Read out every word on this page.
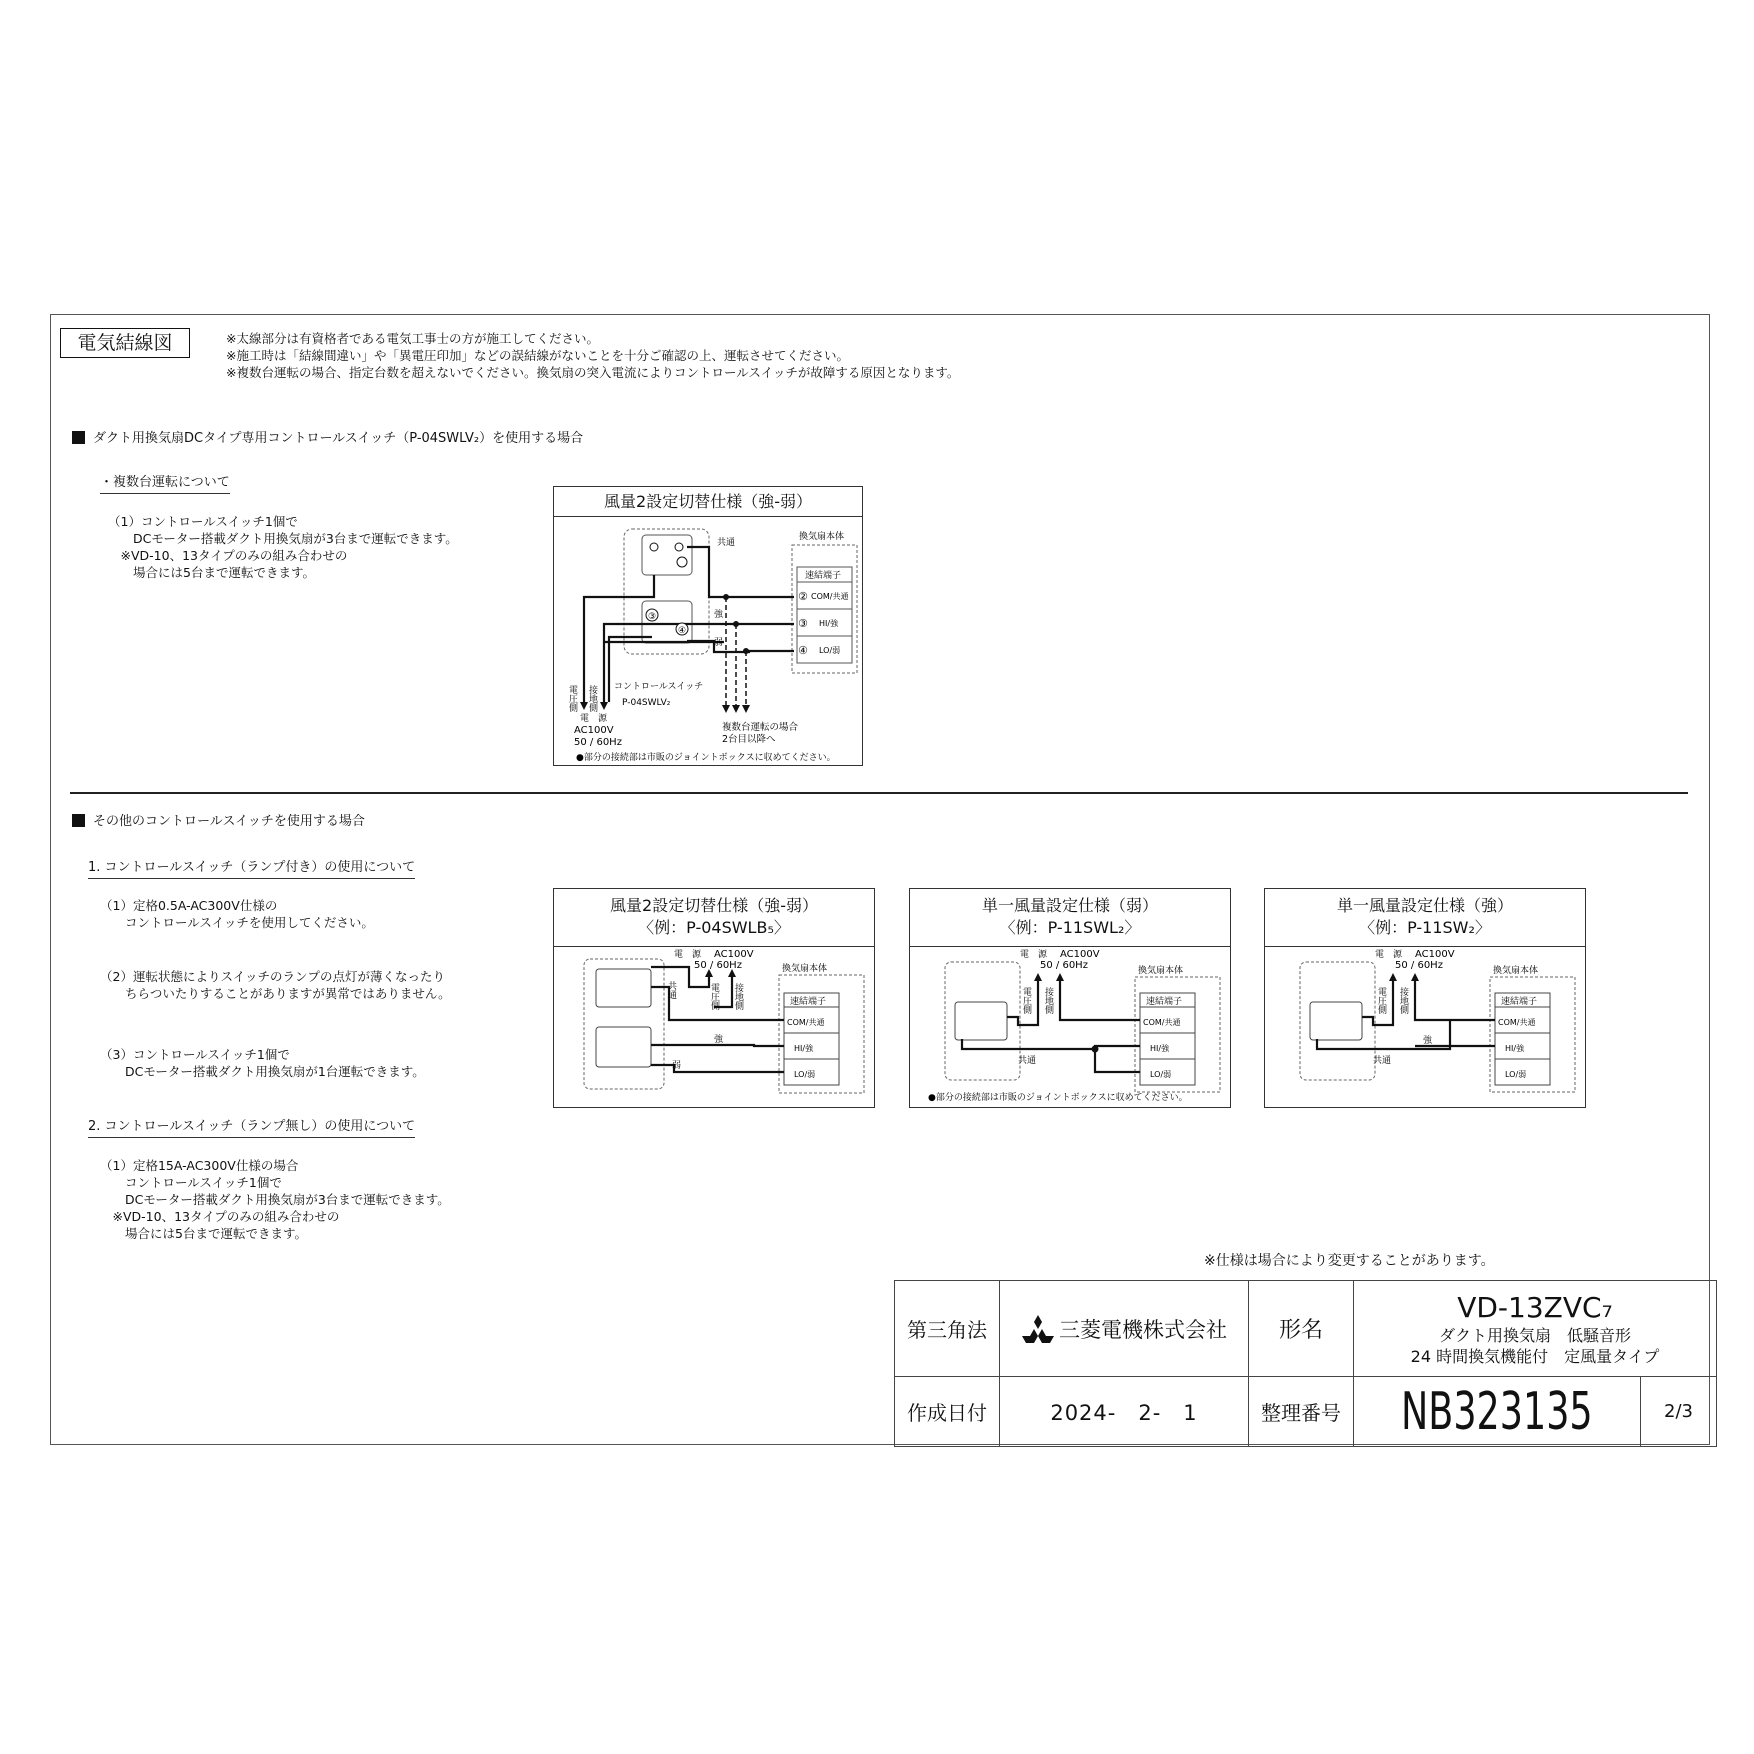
電気結線図	※太線部分は有資格者である電気工事士の方が施工してください。
※施工時は「結線間違い」や「異電圧印加」などの誤結線がないことを十分ご確認の上、運転させてください。
※複数台運転の場合、指定台数を超えないでください。換気扇の突入電流によりコントロールスイッチが故障する原因となります。
ダクト用換気扇DCタイプ専用コントロールスイッチ（P-04SWLV₂）を使用する場合
・複数台運転について
（1）コントロールスイッチ1個で
　　DCモーター搭載ダクト用換気扇が3台まで運転できます。
　※VD-10、13タイプのみの組み合わせの
　　場合には5台まで運転できます。
風量2設定切替仕様（強-弱）
換気扇本体
速結端子
② COM/共通
③ HI/強
④ LO/弱
③
④
共通
強
弱
電圧側 接地側 コントロールスイッチ
P-04SWLV₂
電　源
AC100V
50 / 60Hz
複数台運転の場合
2台目以降へ
●部分の接続部は市販のジョイントボックスに収めてください。
その他のコントロールスイッチを使用する場合
1. コントロールスイッチ（ランプ付き）の使用について
（1）定格0.5A-AC300V仕様の
　　コントロールスイッチを使用してください。
（2）運転状態によりスイッチのランプの点灯が薄くなったり
　　ちらついたりすることがありますが異常ではありません。
（3）コントロールスイッチ1個で
　　DCモーター搭載ダクト用換気扇が1台運転できます。
2. コントロールスイッチ（ランプ無し）の使用について
（1）定格15A-AC300V仕様の場合
　　コントロールスイッチ1個で
　　DCモーター搭載ダクト用換気扇が3台まで運転できます。
　※VD-10、13タイプのみの組み合わせの
　　場合には5台まで運転できます。
風量2設定切替仕様（強-弱）
〈例：P-04SWLB₅〉
換気扇本体
速結端子
COM/共通
HI/強
LO/弱
電　源 AC100V
50 / 60Hz
共通	電圧側 接地側
強
弱
単一風量設定仕様（弱）
〈例：P-11SWL₂〉
換気扇本体
速結端子
COM/共通
HI/強
LO/弱
電　源 AC100V
50 / 60Hz
電圧側 接地側
共通
●部分の接続部は市販のジョイントボックスに収めてください。
単一風量設定仕様（強）
〈例：P-11SW₂〉
換気扇本体
速結端子
COM/共通
HI/強
LO/弱
電　源 AC100V
50 / 60Hz
電圧側 接地側
共通
強
※仕様は場合により変更することがあります。
第三角法	三菱電機株式会社	形名	VD-13ZVC₇
ダクト用換気扇　低騒音形
24 時間換気機能付　定風量タイプ	

作成日付	2024-　2-　1	整理番号	NB323135	2/3
